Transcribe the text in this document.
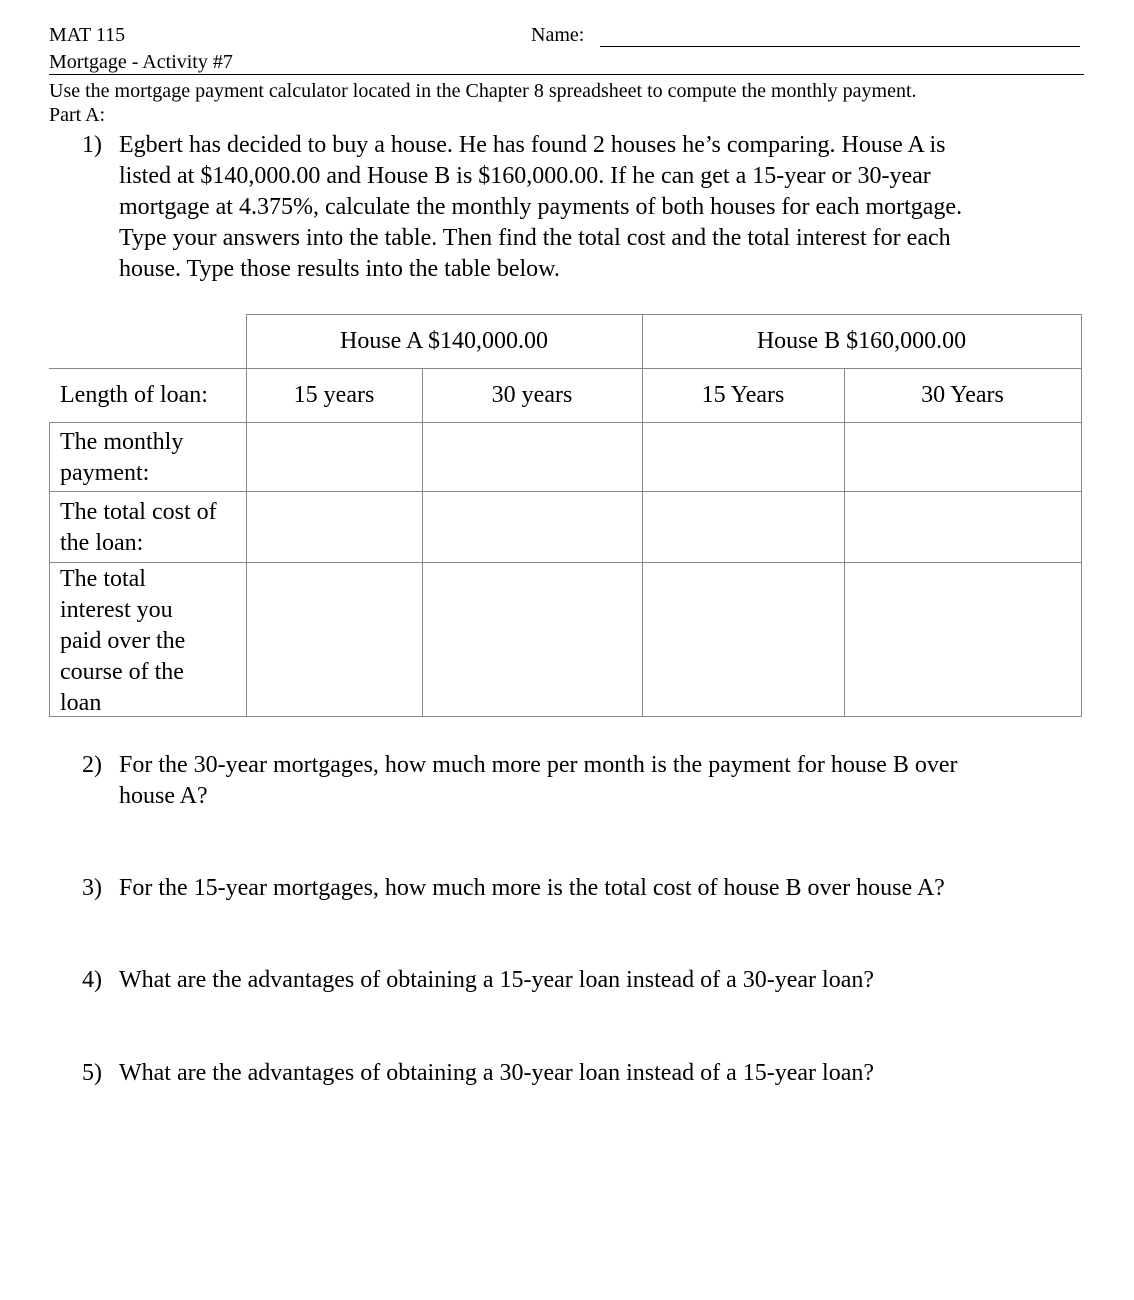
MAT 115	Name:
Mortgage - Activity #7
Use the mortgage payment calculator located in the Chapter 8 spreadsheet to compute the monthly payment.
Part A:
1) Egbert has decided to buy a house. He has found 2 houses he’s comparing. House A is
listed at $140,000.00 and House B is $160,000.00. If he can get a 15-year or 30-year
mortgage at 4.375%, calculate the monthly payments of both houses for each mortgage.
Type your answers into the table. Then find the total cost and the total interest for each
house. Type those results into the table below.
House A $140,000.00	House B $160,000.00
Length of loan:	15 years	30 years	15 Years	30 Years
The monthly
payment:
The total cost of
the loan:
The total
interest you
paid over the
course of the
loan
2) For the 30-year mortgages, how much more per month is the payment for house B over
house A?
3) For the 15-year mortgages, how much more is the total cost of house B over house A?
4) What are the advantages of obtaining a 15-year loan instead of a 30-year loan?
5) What are the advantages of obtaining a 30-year loan instead of a 15-year loan?
